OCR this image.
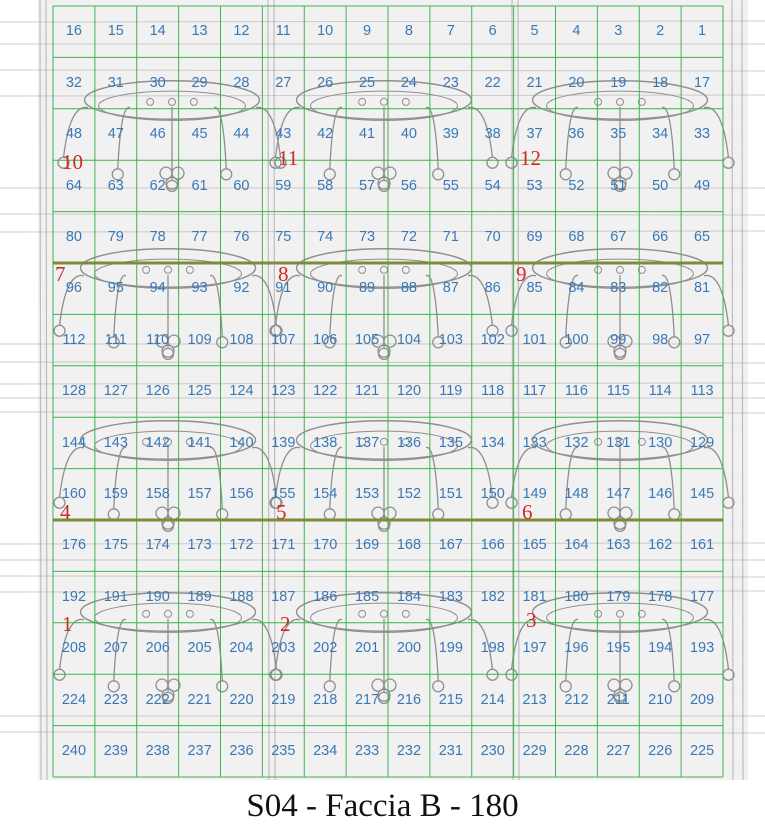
16	15	14	13	12	11	10	9	8	7	6	5	4	3	2	1
32	31	30	29	28	27	26	25	24	23	22	21	20	19	18	17
48	47	46	45	44	43	42	41	40	39	38	37	36	35	34	33
64	63	62	61	60	59	58	57	56	55	54	53	52	51	50	49
80	79	78	77	76	75	74	73	72	71	70	69	68	67	66	65
96	95	94	93	92	91	90	89	88	87	86	85	84	83	82	81
112	111	110	109	108	107	106	105	104	103	102	101	100	99	98	97
128	127	126	125	124	123	122	121	120	119	118	117	116	115	114	113
144	143	142	141	140	139	138	137	136	135	134	133	132	131	130	129
160	159	158	157	156	155	154	153	152	151	150	149	148	147	146	145
176	175	174	173	172	171	170	169	168	167	166	165	164	163	162	161
192	191	190	189	188	187	186	185	184	183	182	181	180	179	178	177
208	207	206	205	204	203	202	201	200	199	198	197	196	195	194	193
224	223	222	221	220	219	218	217	216	215	214	213	212	211	210	209
240	239	238	237	236	235	234	233	232	231	230	229	228	227	226	225
1	2	3
4	5	6
7	8	9
10	11	12
S04 - Faccia B - 180
